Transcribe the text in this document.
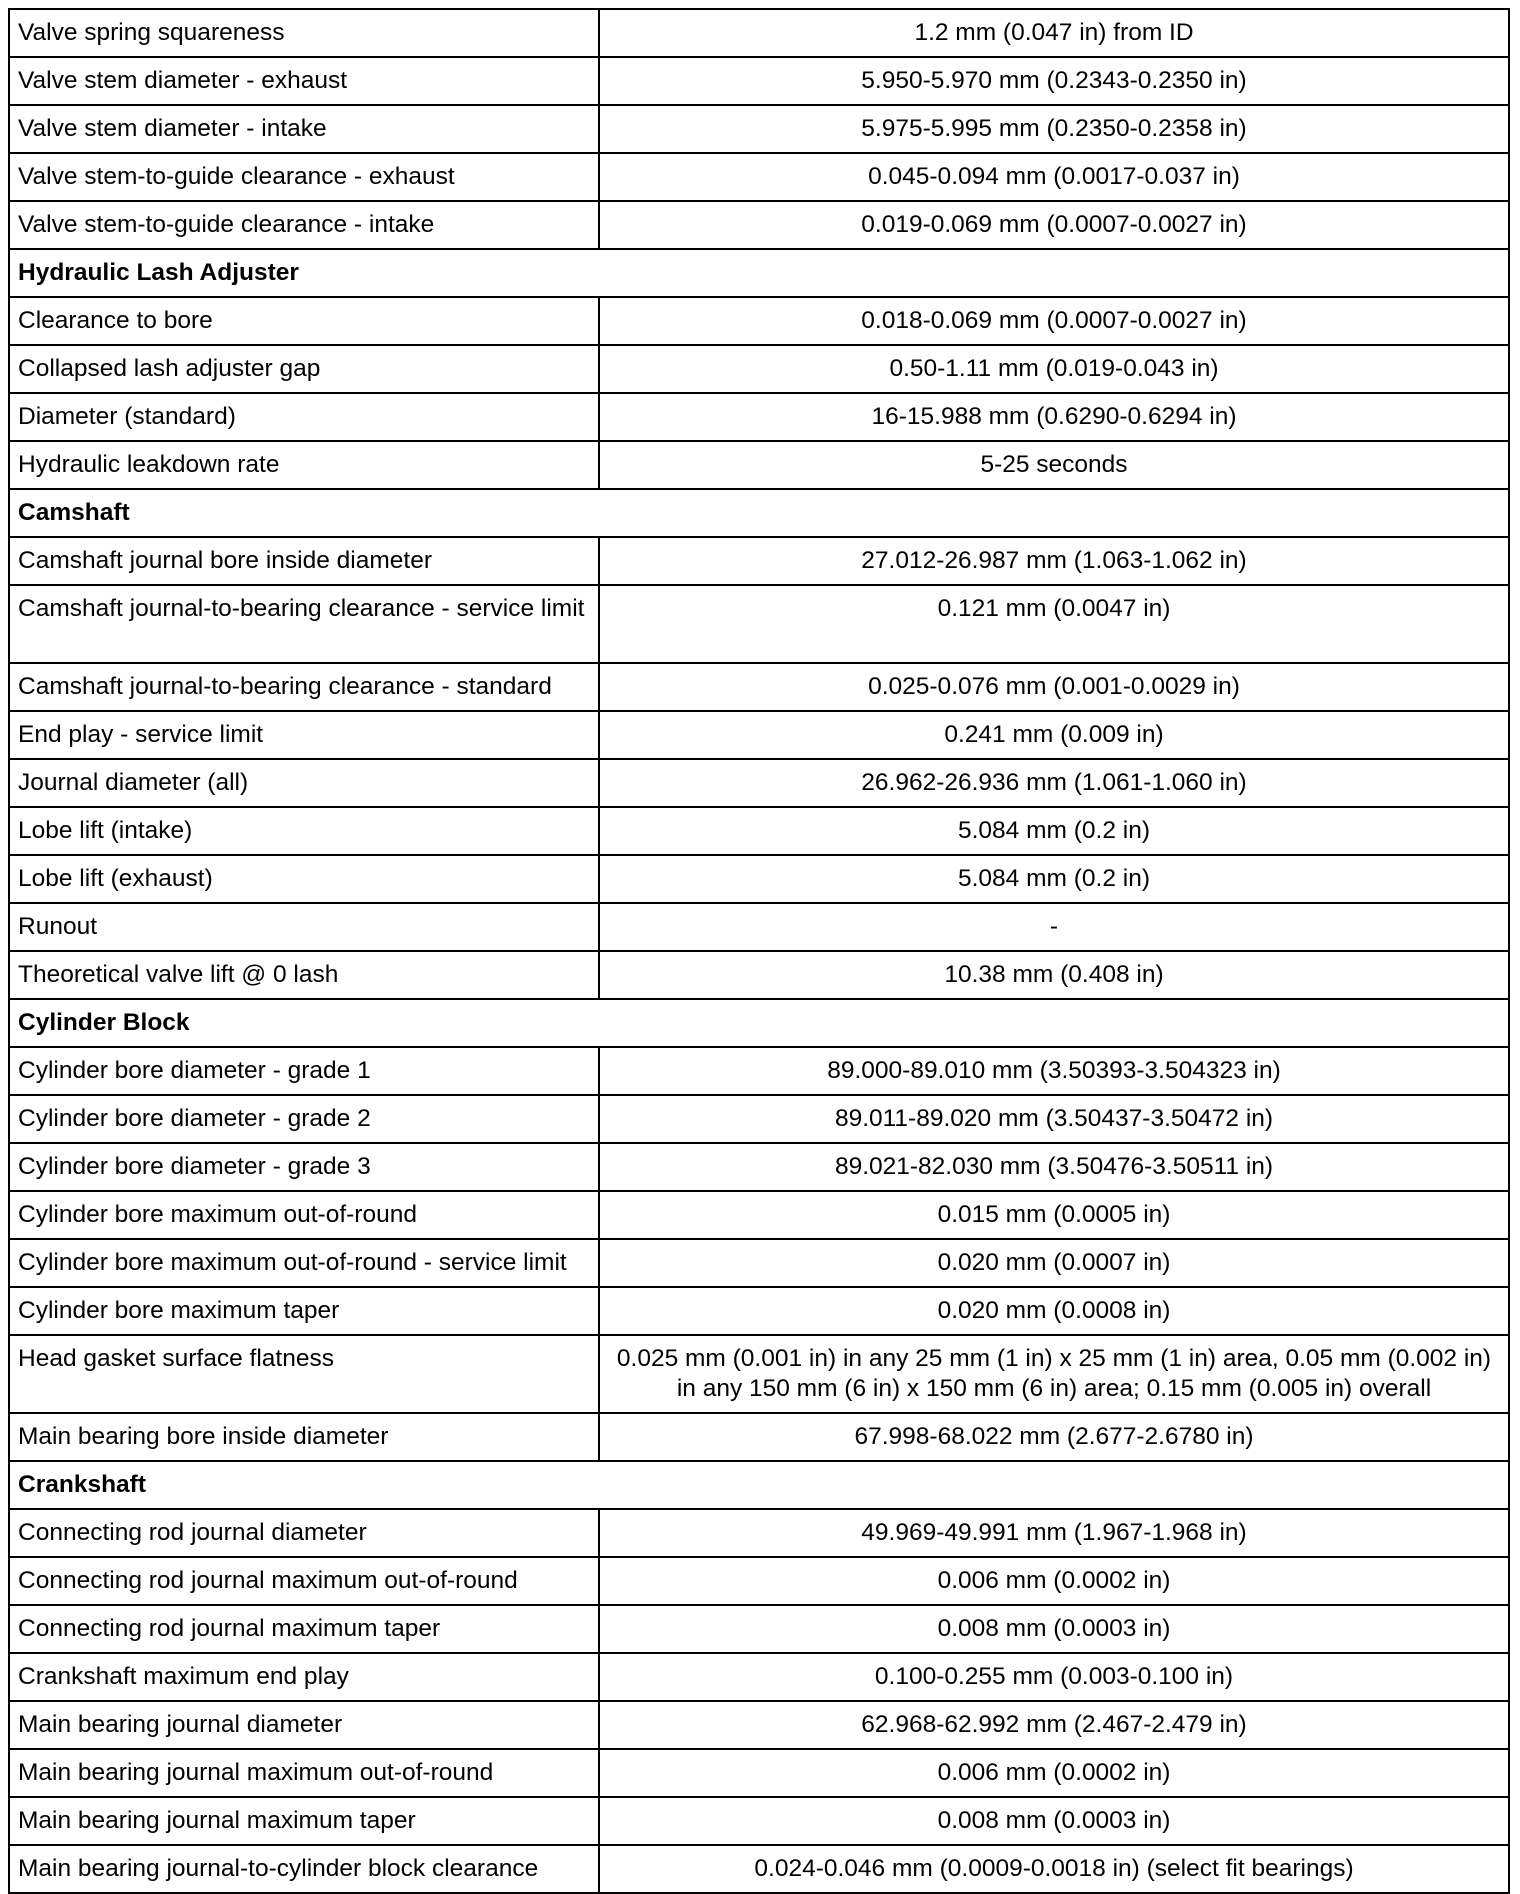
Valve spring squareness	1.2 mm (0.047 in) from ID
Valve stem diameter - exhaust	5.950-5.970 mm (0.2343-0.2350 in)
Valve stem diameter - intake	5.975-5.995 mm (0.2350-0.2358 in)
Valve stem-to-guide clearance - exhaust	0.045-0.094 mm (0.0017-0.037 in)
Valve stem-to-guide clearance - intake	0.019-0.069 mm (0.0007-0.0027 in)
Hydraulic Lash Adjuster	
Clearance to bore	0.018-0.069 mm (0.0007-0.0027 in)
Collapsed lash adjuster gap	0.50-1.11 mm (0.019-0.043 in)
Diameter (standard)	16-15.988 mm (0.6290-0.6294 in)
Hydraulic leakdown rate	5-25 seconds
Camshaft	
Camshaft journal bore inside diameter	27.012-26.987 mm (1.063-1.062 in)
Camshaft journal-to-bearing clearance - service limit	0.121 mm (0.0047 in)
Camshaft journal-to-bearing clearance - standard	0.025-0.076 mm (0.001-0.0029 in)
End play - service limit	0.241 mm (0.009 in)
Journal diameter (all)	26.962-26.936 mm (1.061-1.060 in)
Lobe lift (intake)	5.084 mm (0.2 in)
Lobe lift (exhaust)	5.084 mm (0.2 in)
Runout	-
Theoretical valve lift @ 0 lash	10.38 mm (0.408 in)
Cylinder Block	
Cylinder bore diameter - grade 1	89.000-89.010 mm (3.50393-3.504323 in)
Cylinder bore diameter - grade 2	89.011-89.020 mm (3.50437-3.50472 in)
Cylinder bore diameter - grade 3	89.021-82.030 mm (3.50476-3.50511 in)
Cylinder bore maximum out-of-round	0.015 mm (0.0005 in)
Cylinder bore maximum out-of-round - service limit	0.020 mm (0.0007 in)
Cylinder bore maximum taper	0.020 mm (0.0008 in)
Head gasket surface flatness	0.025 mm (0.001 in) in any 25 mm (1 in) x 25 mm (1 in) area, 0.05 mm (0.002 in) in any 150 mm (6 in) x 150 mm (6 in) area; 0.15 mm (0.005 in) overall
Main bearing bore inside diameter	67.998-68.022 mm (2.677-2.6780 in)
Crankshaft	
Connecting rod journal diameter	49.969-49.991 mm (1.967-1.968 in)
Connecting rod journal maximum out-of-round	0.006 mm (0.0002 in)
Connecting rod journal maximum taper	0.008 mm (0.0003 in)
Crankshaft maximum end play	0.100-0.255 mm (0.003-0.100 in)
Main bearing journal diameter	62.968-62.992 mm (2.467-2.479 in)
Main bearing journal maximum out-of-round	0.006 mm (0.0002 in)
Main bearing journal maximum taper	0.008 mm (0.0003 in)
Main bearing journal-to-cylinder block clearance	0.024-0.046 mm (0.0009-0.0018 in) (select fit bearings)
